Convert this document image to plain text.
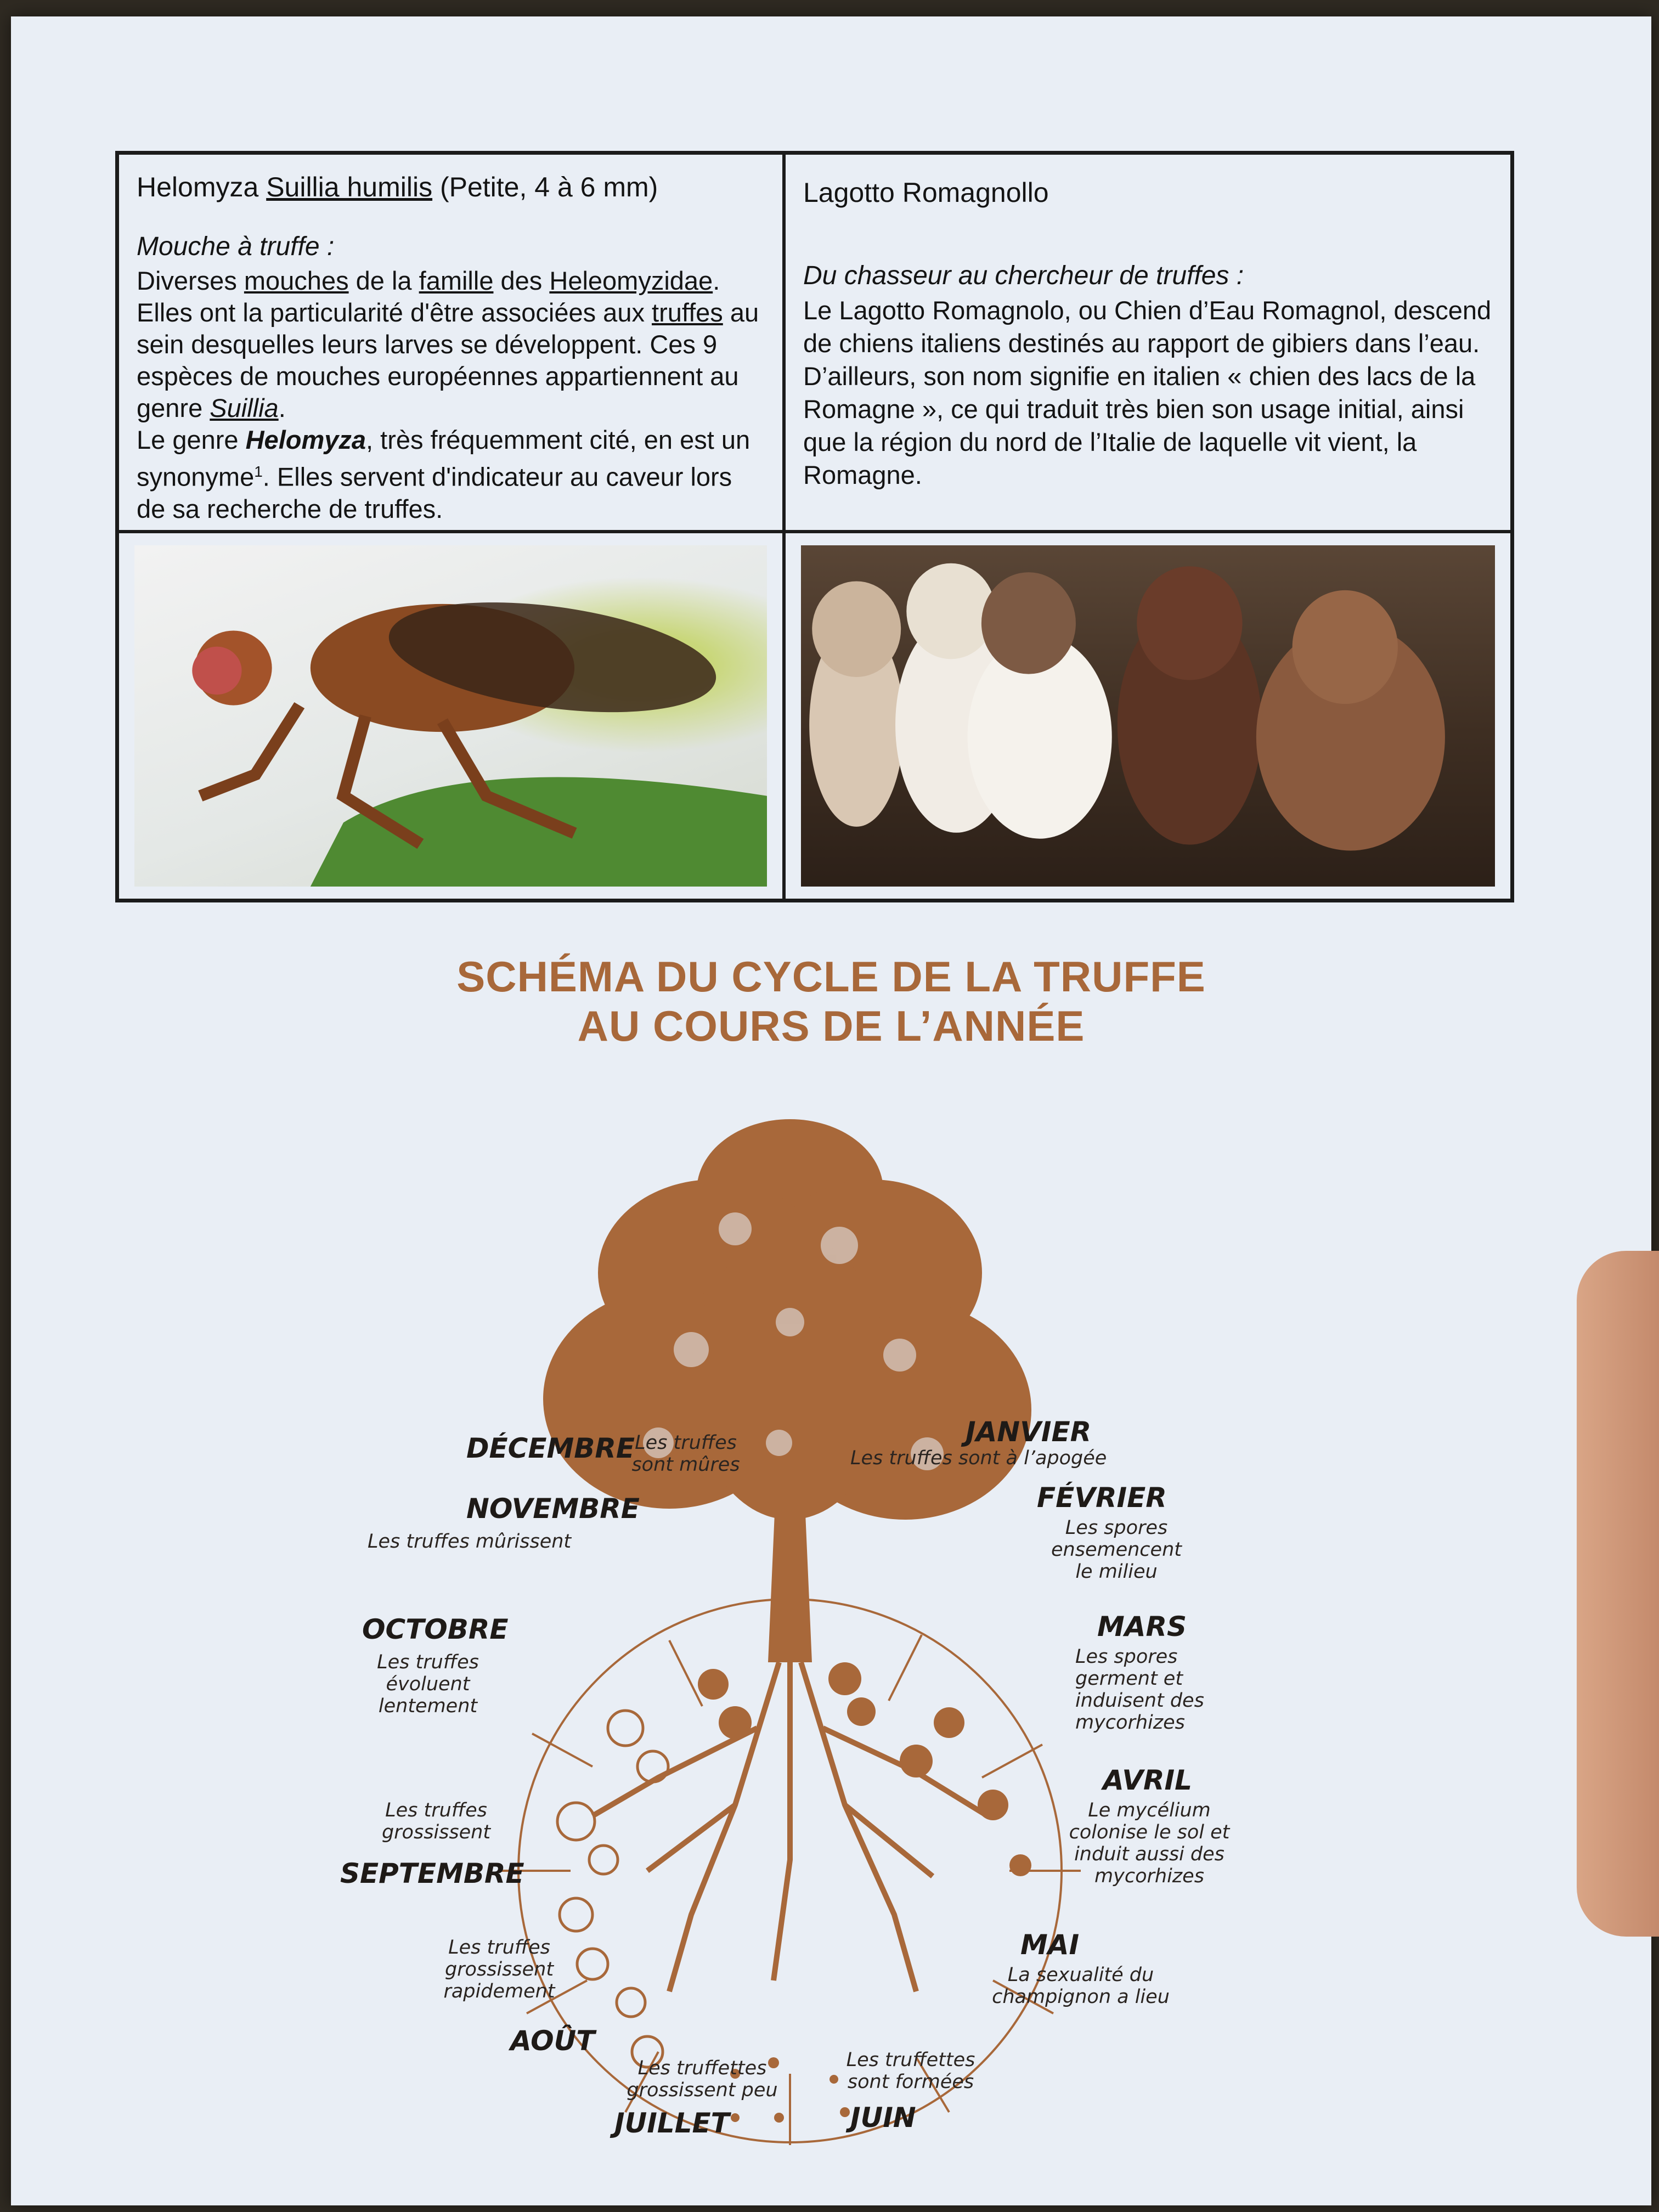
Helomyza Suillia humilis (Petite, 4 à 6 mm)
Mouche à truffe :

Diverses mouches de la famille des Heleomyzidae. Elles ont la particularité d'être associées aux truffes au sein desquelles leurs larves se développent. Ces 9 espèces de mouches européennes appartiennent au genre Suillia.
Le genre Helomyza, très fréquemment cité, en est un synonyme$^1$. Elles servent d'indicateur au caveur lors de sa recherche de truffes.

Lagotto Romagnollo
Du chasseur au chercheur de truffes :

Le Lagotto Romagnolo, ou Chien d’Eau Romagnol, descend de chiens italiens destinés au rapport de gibiers dans l’eau. D’ailleurs, son nom signifie en italien « chien des lacs de la Romagne », ce qui traduit très bien son usage initial, ainsi que la région du nord de l’Italie de laquelle vit vient, la Romagne.

SCHÉMA DU CYCLE DE LA TRUFFE
AU COURS DE L’ANNÉE
DÉCEMBRE Les truffes sont mûres
JANVIER
Les truffes sont à l’apogée
NOVEMBRE
Les truffes mûrissent
FÉVRIER
Les spores ensemencent le milieu
OCTOBRE
Les truffes évoluent lentement
MARS
Les spores germent et induisent des mycorhizes
AVRIL
Le mycélium colonise le sol et induit aussi des mycorhizes
Les truffes grossissent
SEPTEMBRE
MAI
La sexualité du champignon a lieu
Les truffes grossissent rapidement
AOÛT
Les truffettes grossissent peu
JUILLET
Les truffettes sont formées
JUIN
